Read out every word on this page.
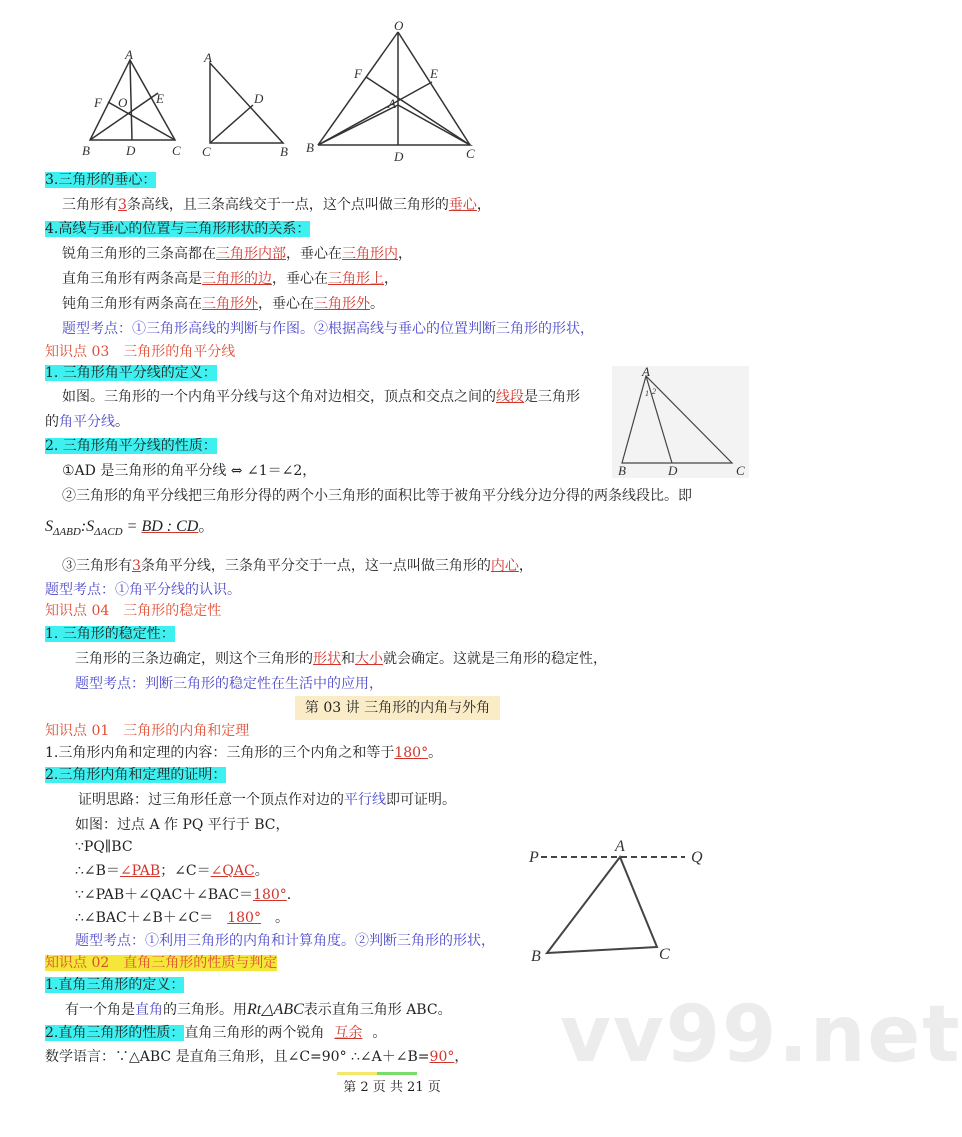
A
F O E
B	D	C
A
D
C	B
O
F	E
A
B
D	C
3.三角形的垂心：
三角形有3条高线，且三条高线交于一点，这个点叫做三角形的垂心，
4.高线与垂心的位置与三角形形状的关系：
锐角三角形的三条高都在三角形内部，垂心在三角形内，
直角三角形有两条高是三角形的边，垂心在三角形上，
钝角三角形有两条高在三角形外，垂心在三角形外。
题型考点：①三角形高线的判断与作图。②根据高线与垂心的位置判断三角形的形状，
知识点 03　三角形的角平分线
1. 三角形角平分线的定义：
如图。三角形的一个内角平分线与这个角对边相交，顶点和交点之间的线段是三角形
的角平分线。
2. 三角形角平分线的性质：
①AD 是三角形的角平分线 ⇔ ∠1＝∠2，
②三角形的角平分线把三角形分得的两个小三角形的面积比等于被角平分线分边分得的两条线段比。即
$S_{\Delta ABD}:S_{\Delta ACD}$ = BD : CD。
③三角形有3条角平分线，三条角平分交于一点，这一点叫做三角形的内心，
题型考点：①角平分线的认识。
A
1 2
B	D	C
知识点 04　三角形的稳定性
1. 三角形的稳定性：
三角形的三条边确定，则这个三角形的形状和大小就会确定。这就是三角形的稳定性，
题型考点：判断三角形的稳定性在生活中的应用，
第 03 讲 三角形的内角与外角
知识点 01　三角形的内角和定理
1.三角形内角和定理的内容：三角形的三个内角之和等于180°。
2.三角形内角和定理的证明：
证明思路：过三角形任意一个顶点作对边的平行线即可证明。
如图：过点 A 作 PQ 平行于 BC，
∵PQ∥BC
∴∠B＝∠PAB；∠C＝∠QAC。
∵∠PAB＋∠QAC＋∠BAC＝180°.
∴∠BAC＋∠B＋∠C＝ 180° 。
题型考点：①利用三角形的内角和计算角度。②判断三角形的形状，
P
A
Q
B	C
知识点 02　直角三角形的性质与判定
1.直角三角形的定义：
有一个角是直角的三角形。用Rt△ABC表示直角三角形 ABC。
2.直角三角形的性质：直角三角形的两个锐角 互余 。
数学语言：∵△ABC 是直角三角形，且∠C=90° ∴∠A＋∠B=90°， vv99.net
第 2 页 共 21 页
